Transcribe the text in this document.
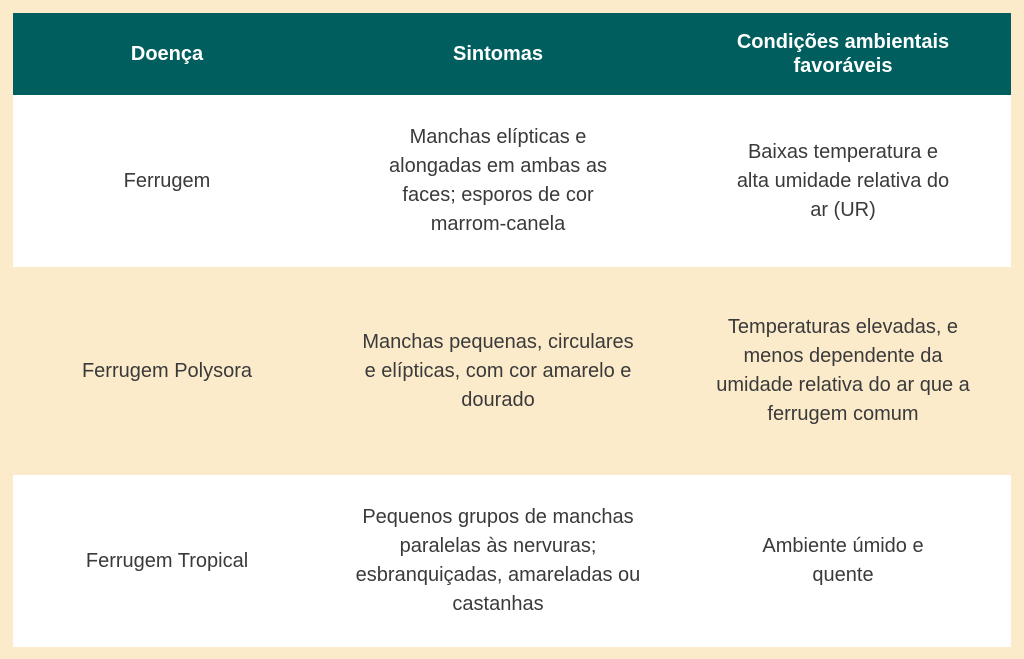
Doença	Sintomas	Condições ambientais favoráveis
Ferrugem	Manchas elípticas e alongadas em ambas as faces; esporos de cor marrom-canela	Baixas temperatura e alta umidade relativa do ar (UR)
Ferrugem Polysora	Manchas pequenas, circulares e elípticas, com cor amarelo e dourado	Temperaturas elevadas, e menos dependente da umidade relativa do ar que a ferrugem comum
Ferrugem Tropical	Pequenos grupos de manchas paralelas às nervuras; esbranquiçadas, amareladas ou castanhas	Ambiente úmido e quente
